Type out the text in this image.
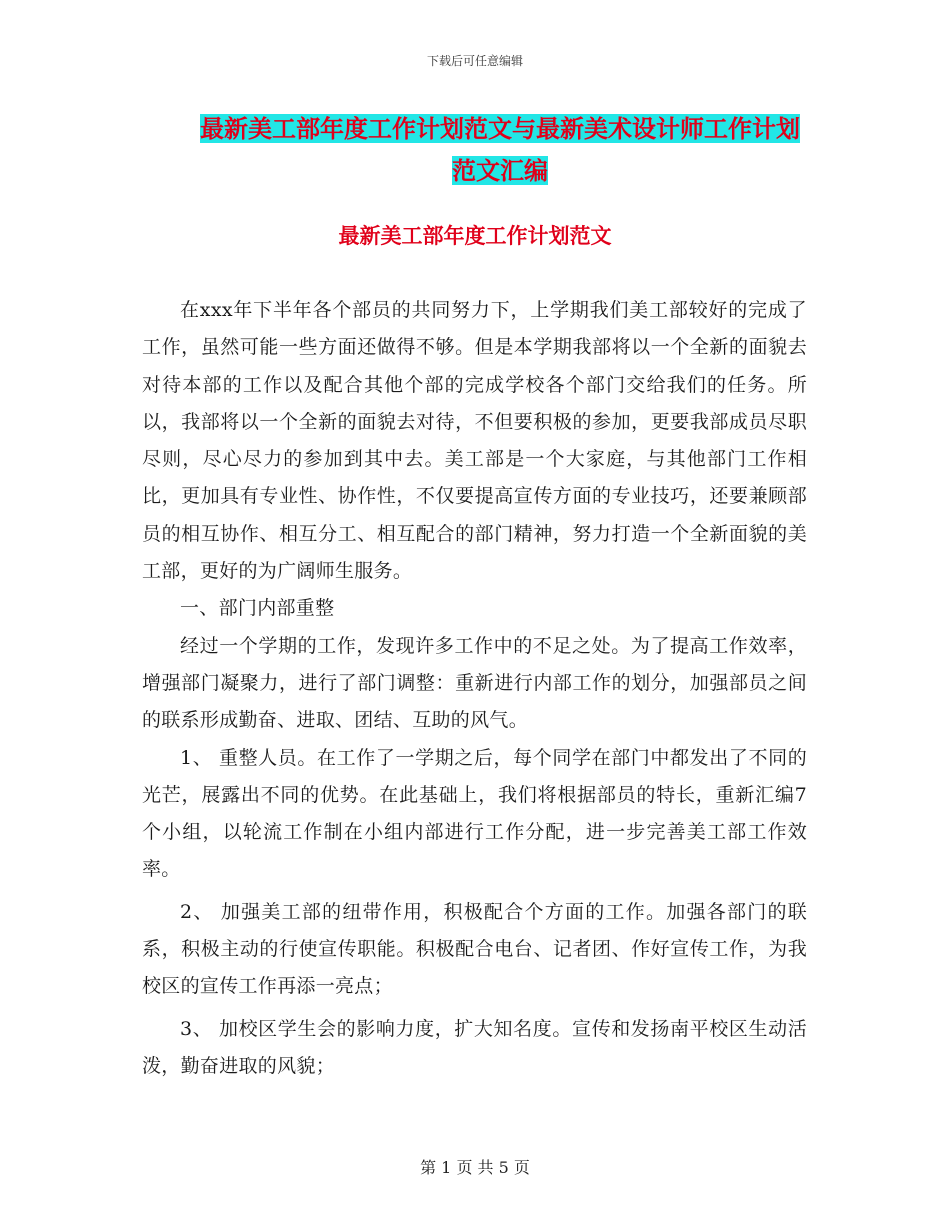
下载后可任意编辑
最新美工部年度工作计划范文与最新美术设计师工作计划范文汇编
最新美工部年度工作计划范文

在xxx年下半年各个部员的共同努力下，上学期我们美工部较好的完成了工作，虽然可能一些方面还做得不够。但是本学期我部将以一个全新的面貌去对待本部的工作以及配合其他个部的完成学校各个部门交给我们的任务。所以，我部将以一个全新的面貌去对待，不但要积极的参加，更要我部成员尽职尽则，尽心尽力的参加到其中去。美工部是一个大家庭，与其他部门工作相比，更加具有专业性、协作性，不仅要提高宣传方面的专业技巧，还要兼顾部员的相互协作、相互分工、相互配合的部门精神，努力打造一个全新面貌的美工部，更好的为广阔师生服务。

一、部门内部重整

经过一个学期的工作，发现许多工作中的不足之处。为了提高工作效率，增强部门凝聚力，进行了部门调整：重新进行内部工作的划分，加强部员之间的联系形成勤奋、进取、团结、互助的风气。

1、 重整人员。在工作了一学期之后，每个同学在部门中都发出了不同的光芒，展露出不同的优势。在此基础上，我们将根据部员的特长，重新汇编7个小组，以轮流工作制在小组内部进行工作分配，进一步完善美工部工作效率。

2、 加强美工部的纽带作用，积极配合个方面的工作。加强各部门的联系，积极主动的行使宣传职能。积极配合电台、记者团、作好宣传工作，为我校区的宣传工作再添一亮点；

3、 加校区学生会的影响力度，扩大知名度。宣传和发扬南平校区生动活泼，勤奋进取的风貌；

第 1 页 共 5 页
